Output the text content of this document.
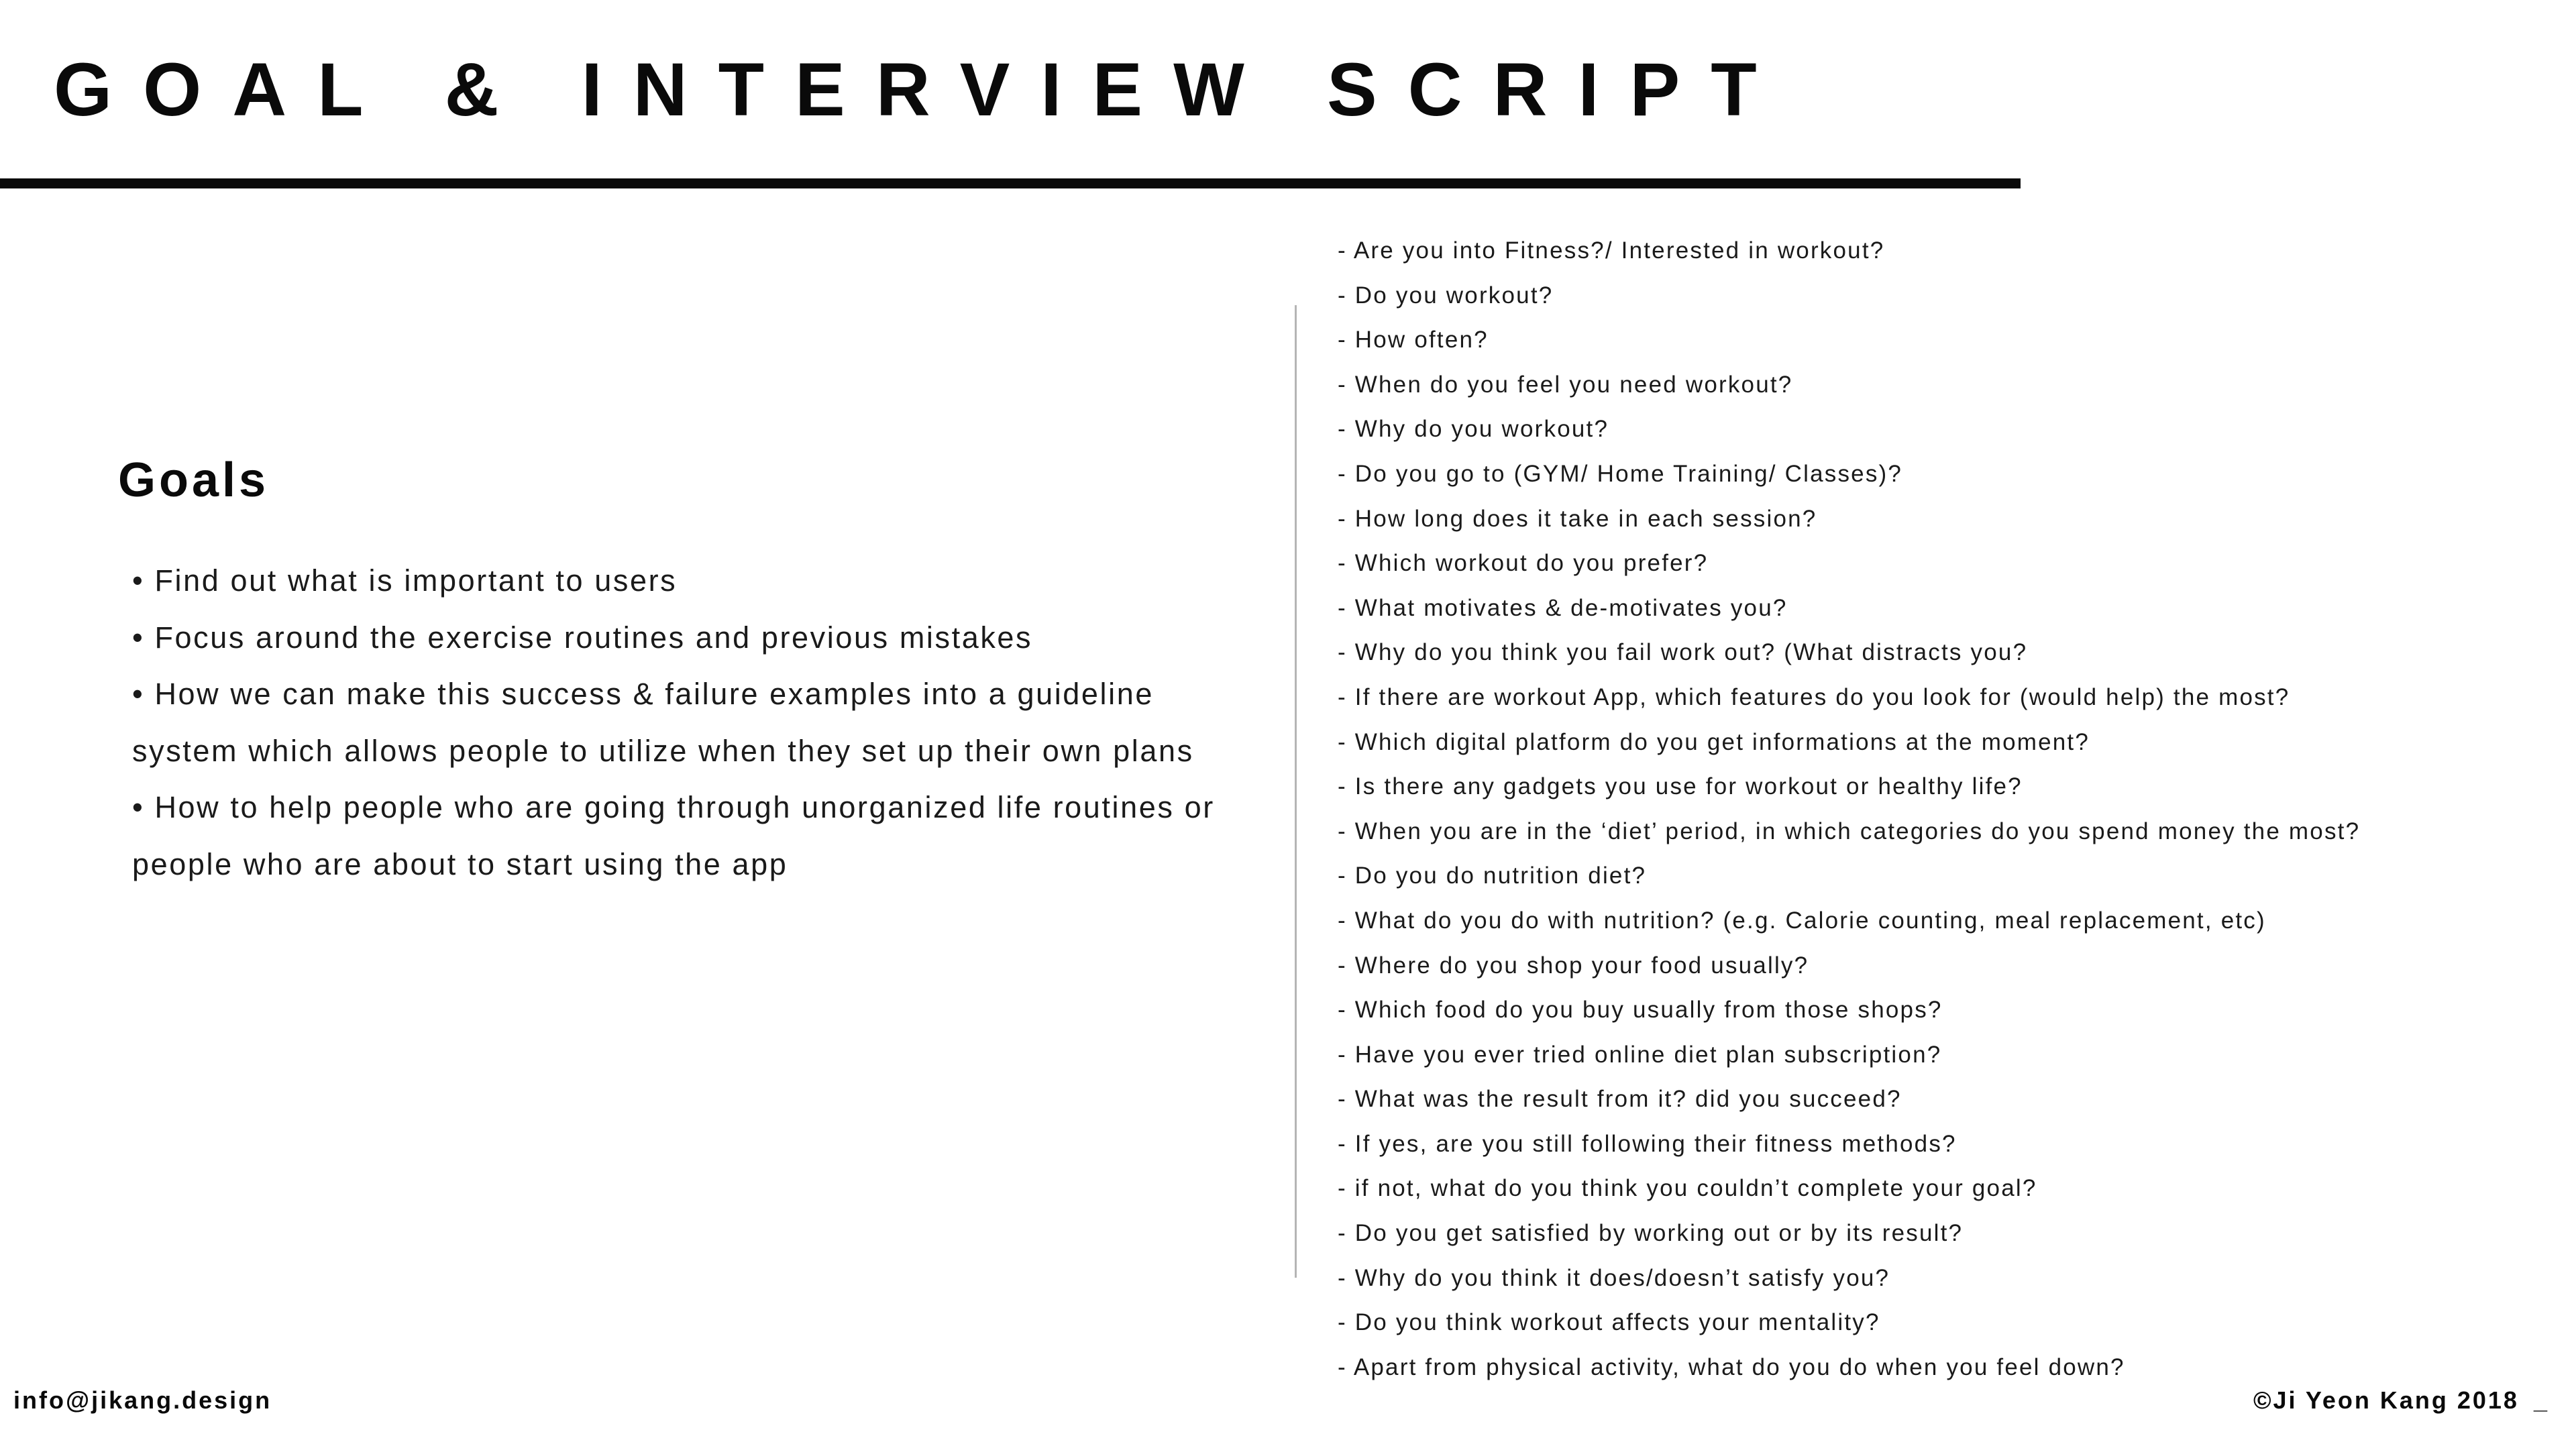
GOAL & INTERVIEW SCRIPT
Goals
• Find out what is important to users
• Focus around the exercise routines and previous mistakes
• How we can make this success & failure examples into a guideline
system which allows people to utilize when they set up their own plans
• How to help people who are going through unorganized life routines or
people who are about to start using the app
- Are you into Fitness?/ Interested in workout?
- Do you workout?
- How often?
- When do you feel you need workout?
- Why do you workout?
- Do you go to (GYM/ Home Training/ Classes)?
- How long does it take in each session?
- Which workout do you prefer?
- What motivates & de-motivates you?
- Why do you think you fail work out? (What distracts you?
- If there are workout App, which features do you look for (would help) the most?
- Which digital platform do you get informations at the moment?
- Is there any gadgets you use for workout or healthy life?
- When you are in the ‘diet’ period, in which categories do you spend money the most?
- Do you do nutrition diet?
- What do you do with nutrition? (e.g. Calorie counting, meal replacement, etc)
- Where do you shop your food usually?
- Which food do you buy usually from those shops?
- Have you ever tried online diet plan subscription?
- What was the result from it? did you succeed?
- If yes, are you still following their fitness methods?
- if not, what do you think you couldn’t complete your goal?
- Do you get satisfied by working out or by its result?
- Why do you think it does/doesn’t satisfy you?
- Do you think workout affects your mentality?
- Apart from physical activity, what do you do when you feel down?
info@jikang.design	©Ji Yeon Kang 2018 _
